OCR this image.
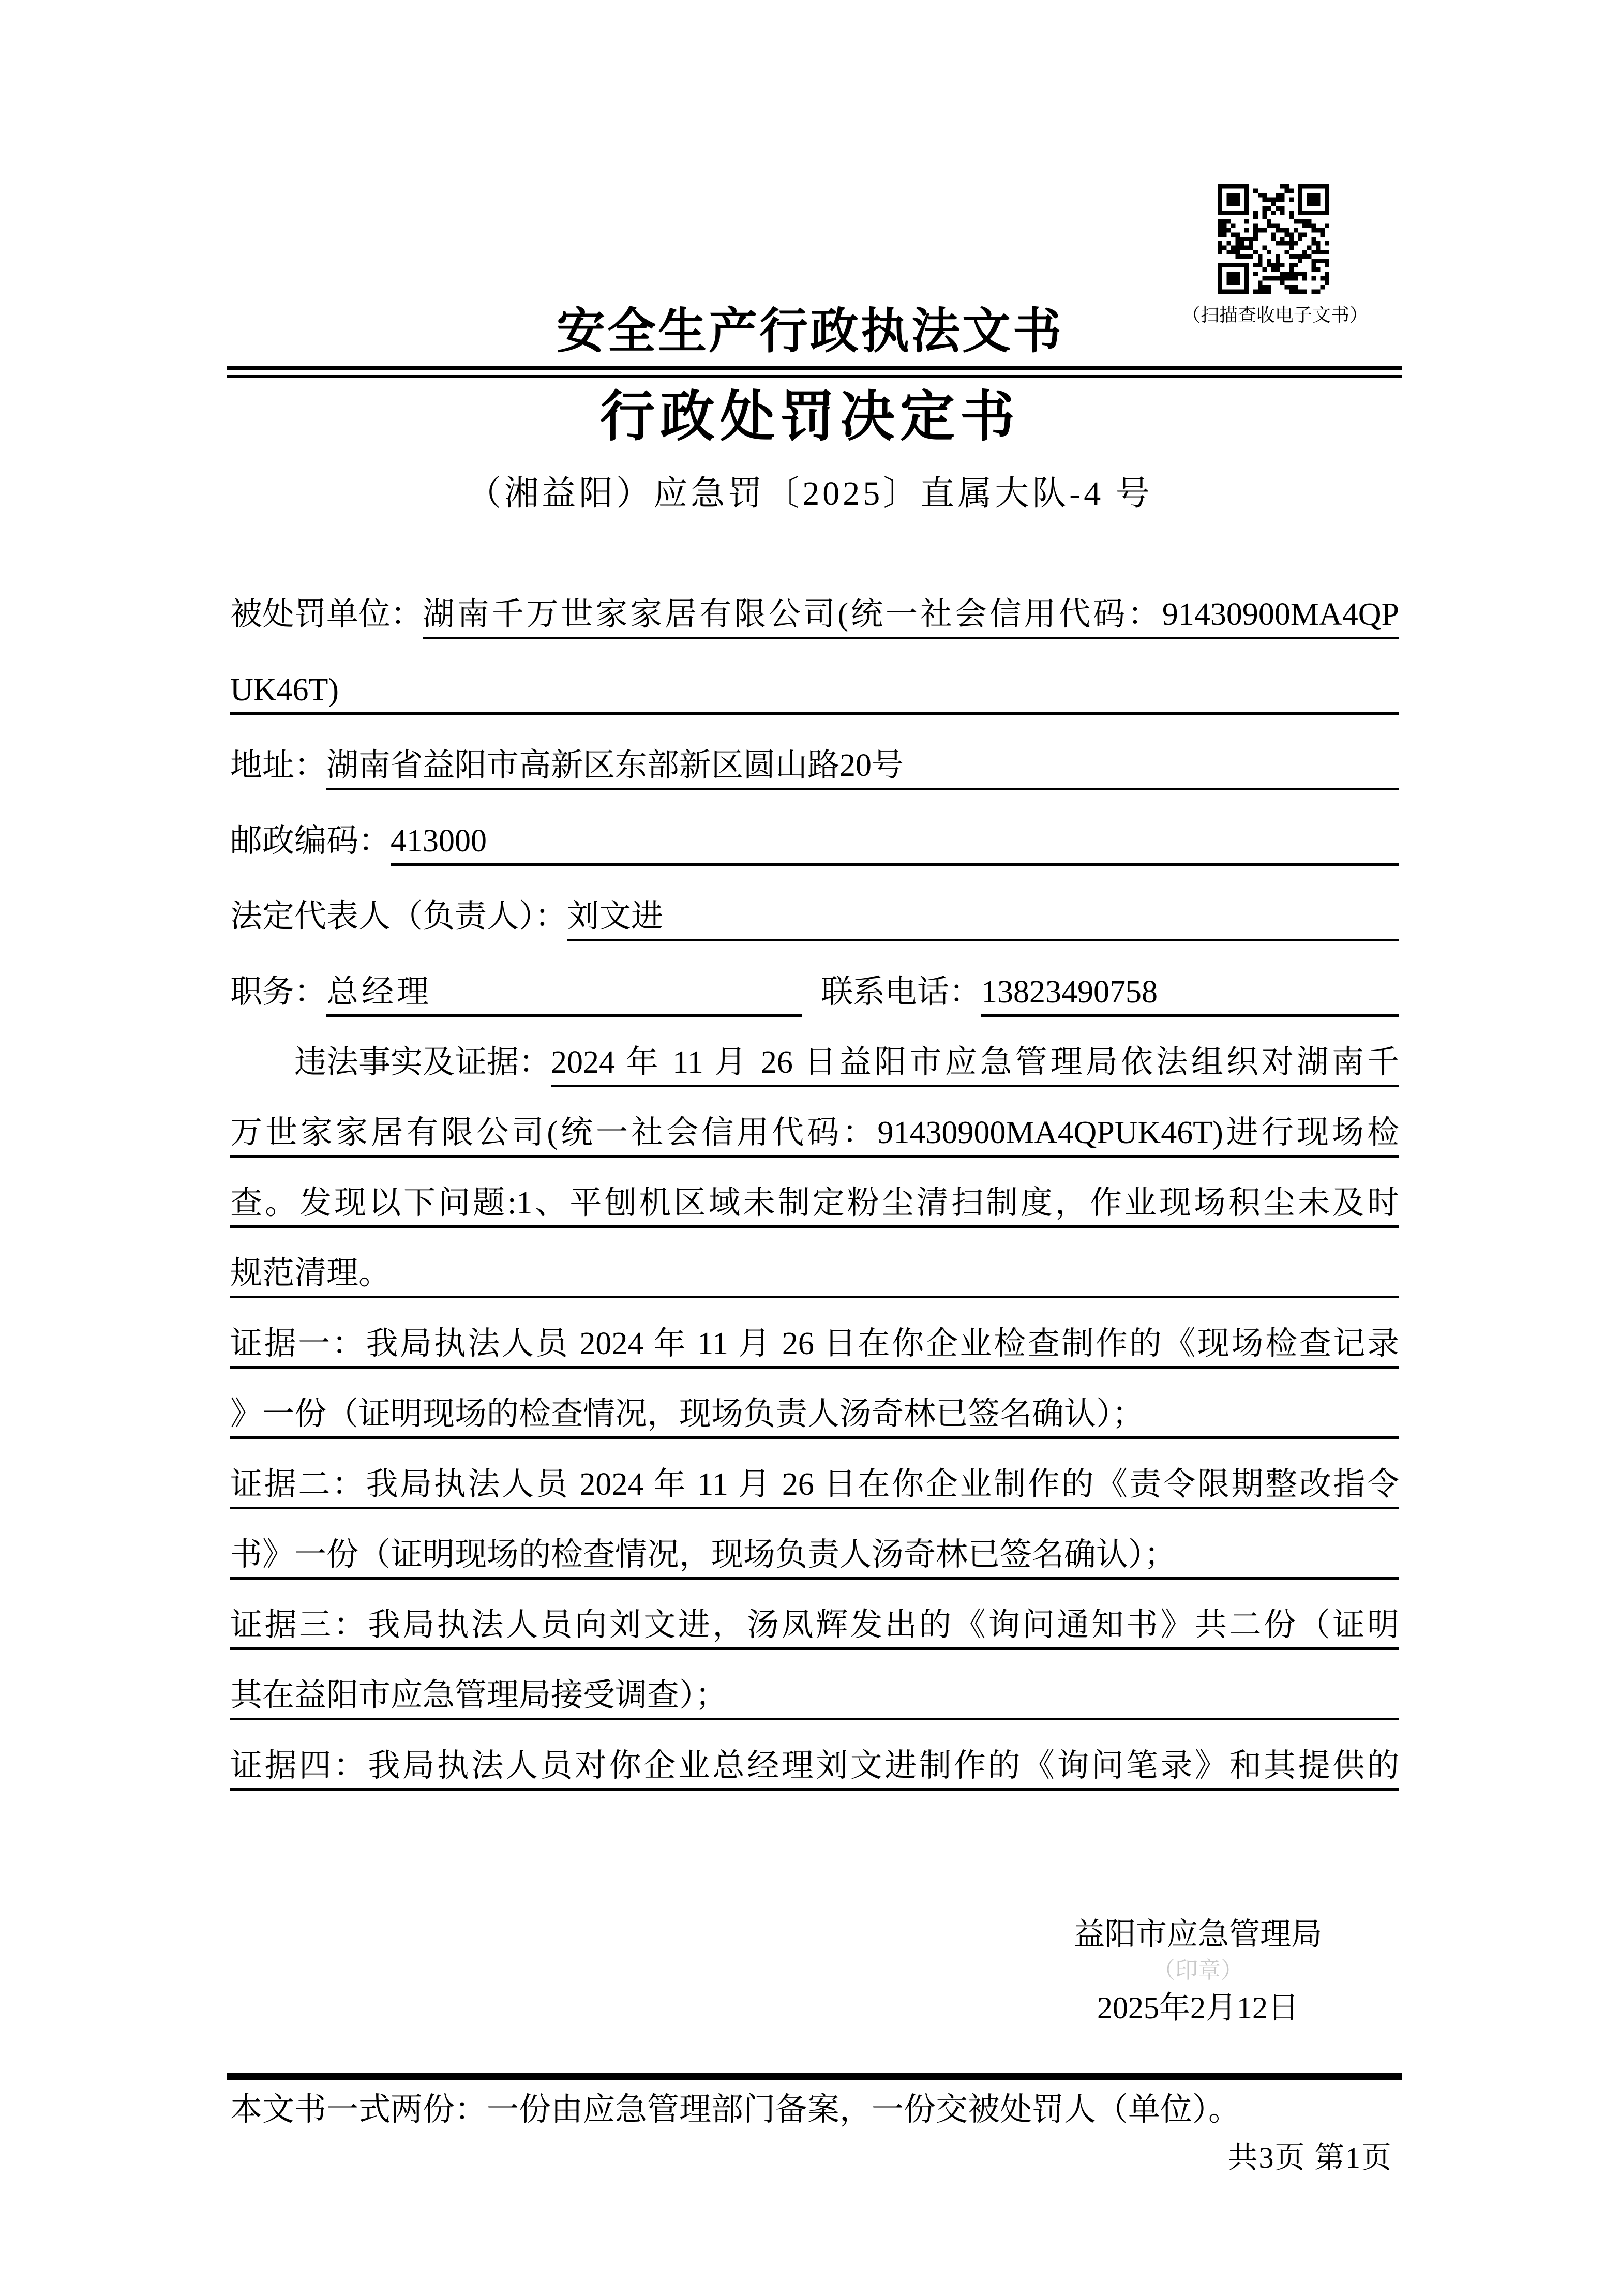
（扫描查收电子文书）
安全生产行政执法文书
行政处罚决定书
（湘益阳）应急罚〔2025〕直属大队-4 号
被处罚单位： 湖南千万世家家居有限公司(统一社会信用代码：91430900MA4QP
UK46T)
地址： 湖南省益阳市高新区东部新区圆山路20号
邮政编码： 413000
法定代表人（负责人）： 刘文进
职务： 总经理	联系电话： 13823490758
违法事实及证据： 2024 年 11 月 26 日益阳市应急管理局依法组织对湖南千
万世家家居有限公司(统一社会信用代码：91430900MA4QPUK46T)进行现场检
查。发现以下问题:1、平刨机区域未制定粉尘清扫制度，作业现场积尘未及时
规范清理。
证据一：我局执法人员 2024 年 11 月 26 日在你企业检查制作的《现场检查记录
》一份（证明现场的检查情况，现场负责人汤奇林已签名确认）；
证据二：我局执法人员 2024 年 11 月 26 日在你企业制作的《责令限期整改指令
书》一份（证明现场的检查情况，现场负责人汤奇林已签名确认）；
证据三：我局执法人员向刘文进，汤凤辉发出的《询问通知书》共二份（证明
其在益阳市应急管理局接受调查）；
证据四：我局执法人员对你企业总经理刘文进制作的《询问笔录》和其提供的
益阳市应急管理局
（印章）
2025年2月12日
本文书一式两份：一份由应急管理部门备案，一份交被处罚人（单位）。
共3页 第1页
